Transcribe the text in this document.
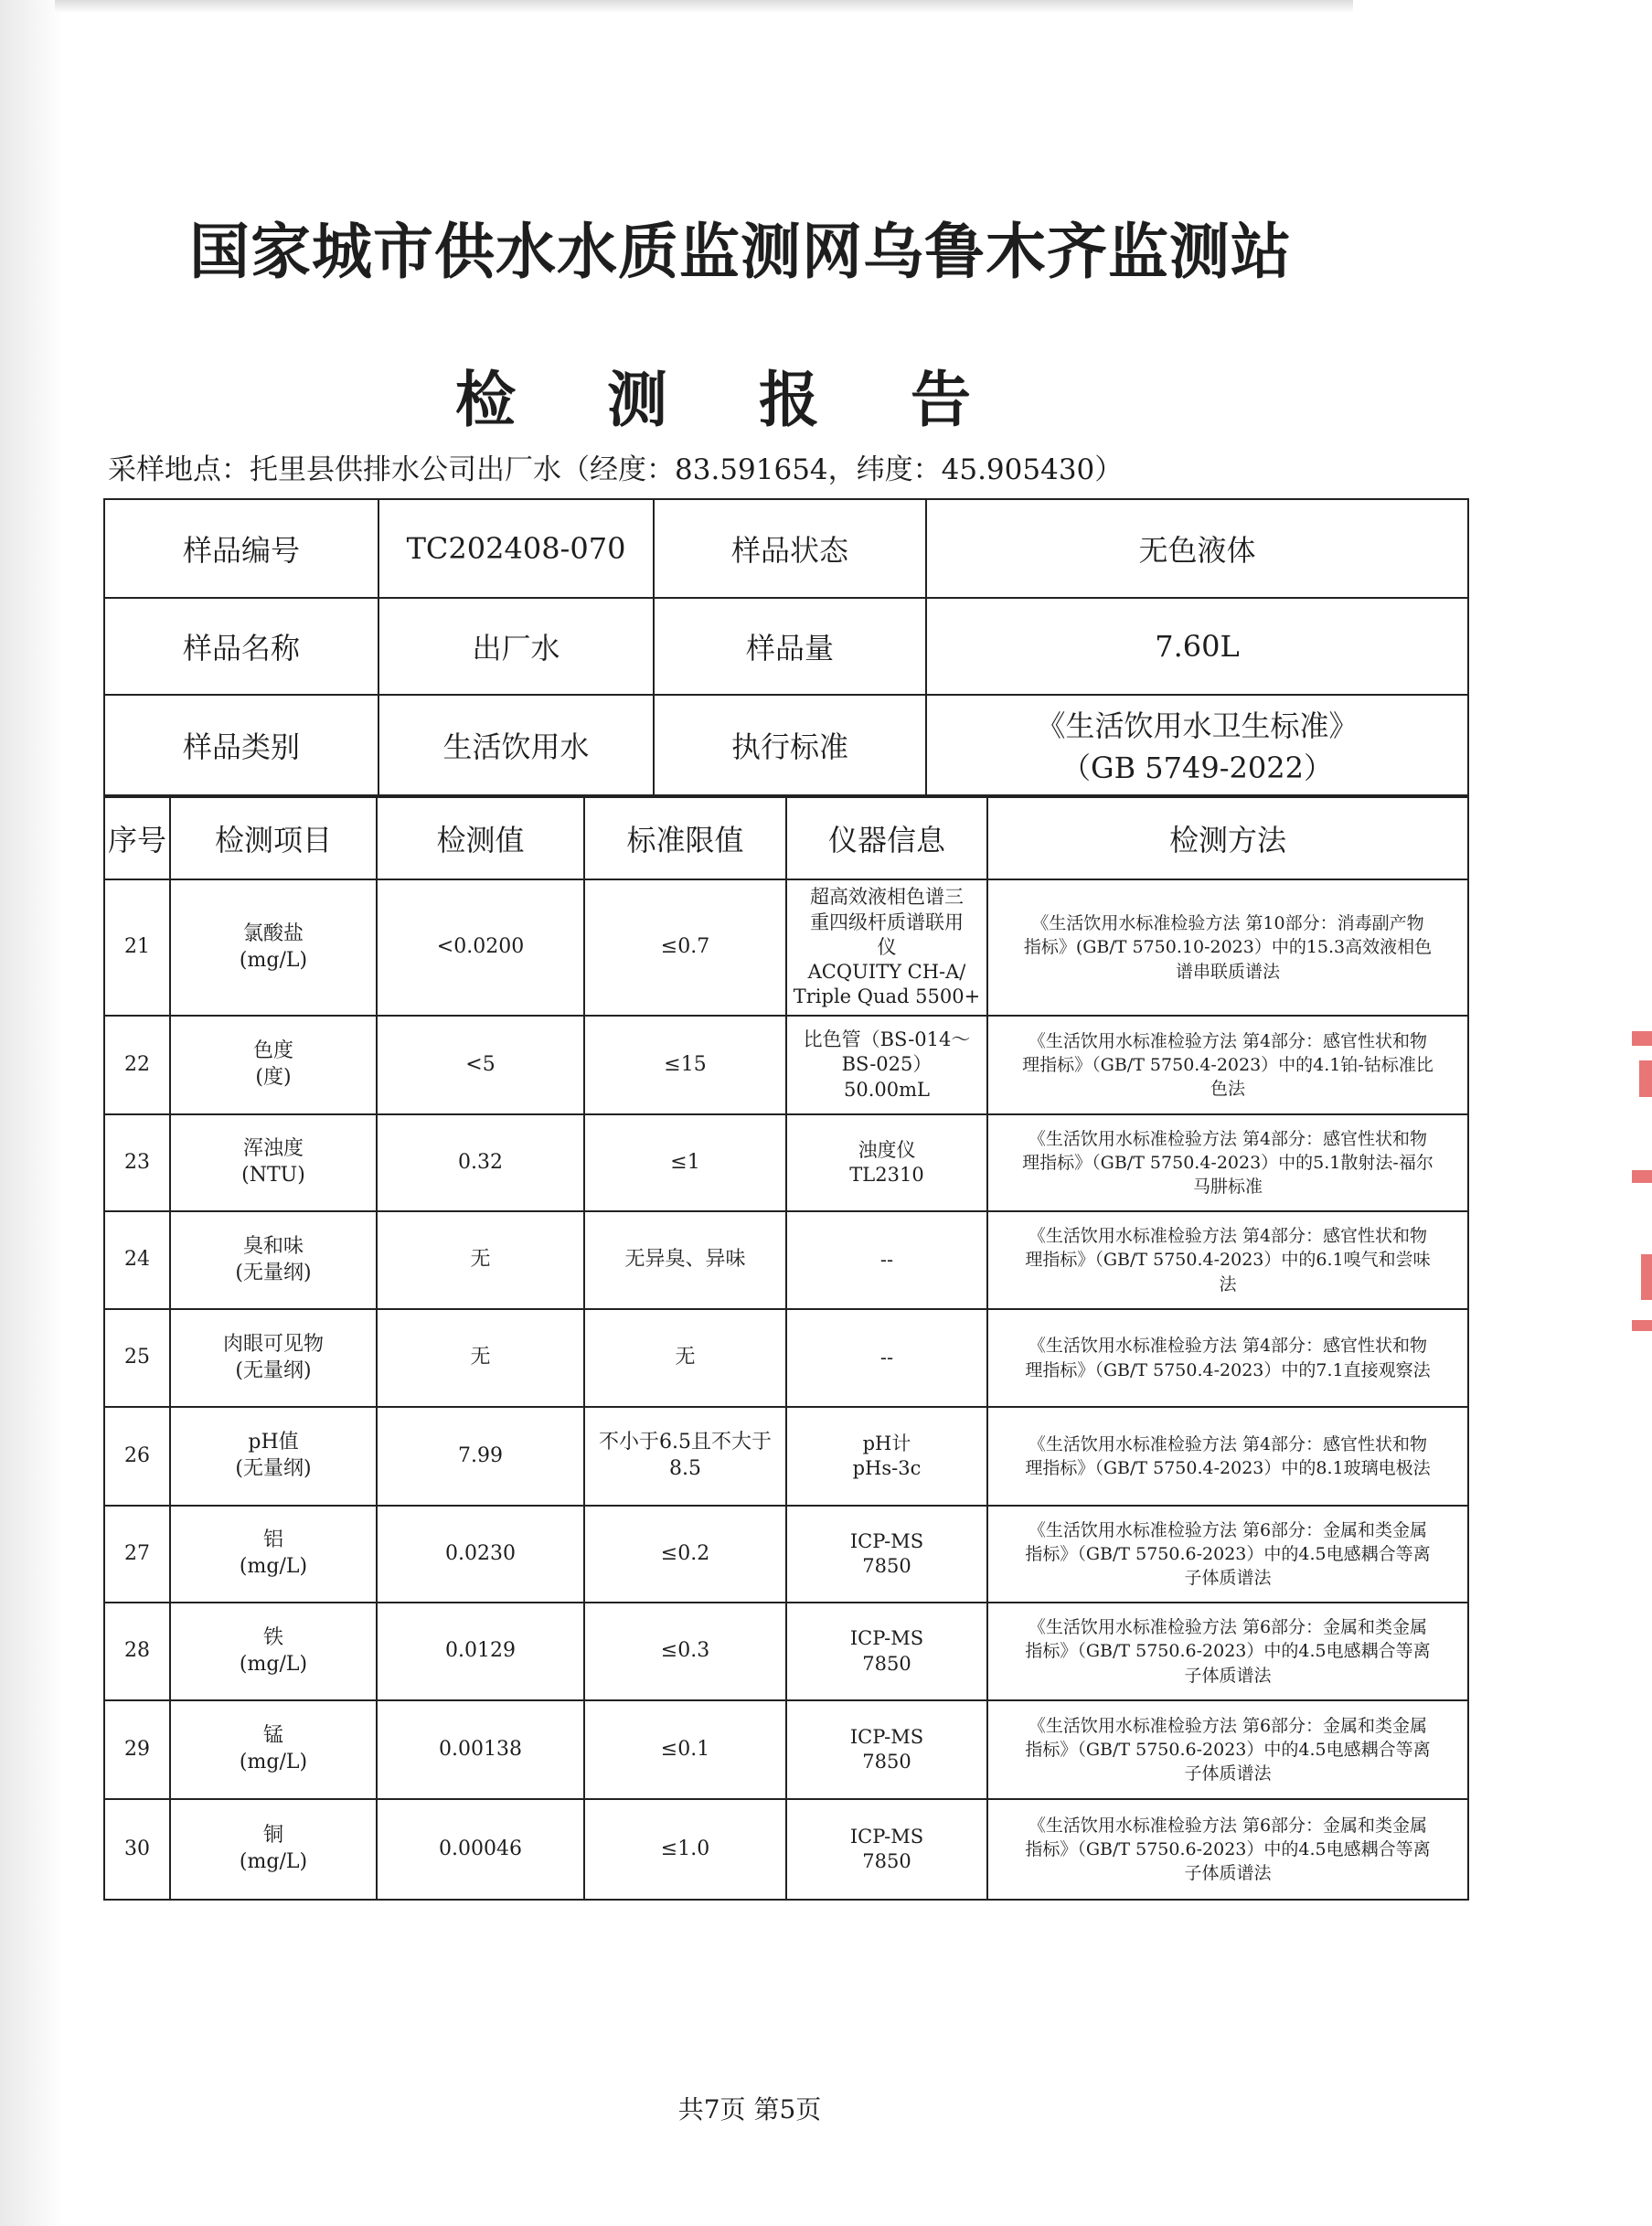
国家城市供水水质监测网乌鲁木齐监测站
检测报告
采样地点：托里县供排水公司出厂水（经度：83.591654，纬度：45.905430）
样品编号	TC202408-070	样品状态	无色液体

样品名称	出厂水	样品量	7.60L

样品类别	生活饮用水	执行标准	《生活饮用水卫生标准》
（GB 5749-2022）
序号	检测项目	检测值	标准限值	仪器信息	检测方法
21	氯酸盐
(mg/L)	<0.0200	≤0.7	超高效液相色谱三
重四级杆质谱联用
仪
ACQUITY CH-A/
Triple Quad 5500+	《生活饮用水标准检验方法 第10部分：消毒副产物
指标》(GB/T 5750.10-2023）中的15.3高效液相色
谱串联质谱法

22	色度
(度)	<5	≤15	比色管（BS-014～
BS-025）
50.00mL	《生活饮用水标准检验方法 第4部分：感官性状和物
理指标》（GB/T 5750.4-2023）中的4.1铂-钴标准比
色法

23	浑浊度
(NTU)	0.32	≤1	浊度仪
TL2310	《生活饮用水标准检验方法 第4部分：感官性状和物
理指标》（GB/T 5750.4-2023）中的5.1散射法-福尔
马肼标准

24	臭和味
(无量纲)	无	无异臭、异味	--	《生活饮用水标准检验方法 第4部分：感官性状和物
理指标》（GB/T 5750.4-2023）中的6.1嗅气和尝味
法

25	肉眼可见物
(无量纲)	无	无	--	《生活饮用水标准检验方法 第4部分：感官性状和物
理指标》（GB/T 5750.4-2023）中的7.1直接观察法

26	pH值
(无量纲)	7.99	不小于6.5且不大于
8.5	pH计
pHs-3c	《生活饮用水标准检验方法 第4部分：感官性状和物
理指标》（GB/T 5750.4-2023）中的8.1玻璃电极法

27	铝
(mg/L)	0.0230	≤0.2	ICP-MS
7850	《生活饮用水标准检验方法 第6部分：金属和类金属
指标》（GB/T 5750.6-2023）中的4.5电感耦合等离
子体质谱法

28	铁
(mg/L)	0.0129	≤0.3	ICP-MS
7850	《生活饮用水标准检验方法 第6部分：金属和类金属
指标》（GB/T 5750.6-2023）中的4.5电感耦合等离
子体质谱法

29	锰
(mg/L)	0.00138	≤0.1	ICP-MS
7850	《生活饮用水标准检验方法 第6部分：金属和类金属
指标》（GB/T 5750.6-2023）中的4.5电感耦合等离
子体质谱法

30	铜
(mg/L)	0.00046	≤1.0	ICP-MS
7850	《生活饮用水标准检验方法 第6部分：金属和类金属
指标》（GB/T 5750.6-2023）中的4.5电感耦合等离
子体质谱法
共7页 第5页
